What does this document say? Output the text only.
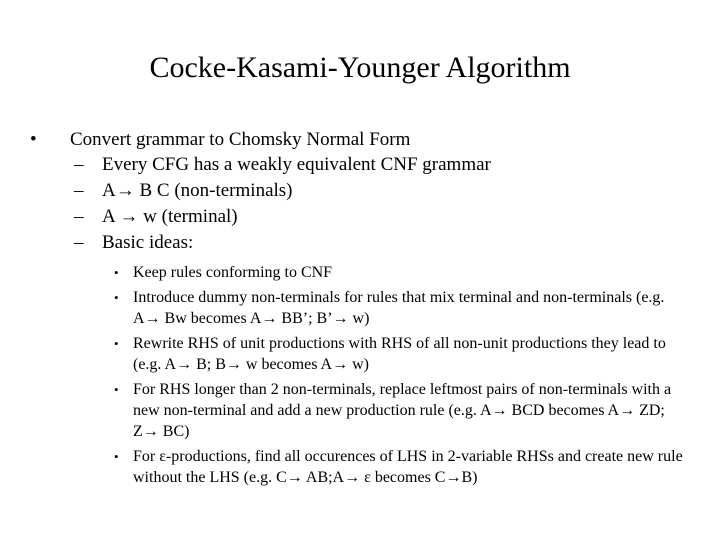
Cocke-Kasami-Younger Algorithm
• Convert grammar to Chomsky Normal Form
– Every CFG has a weakly equivalent CNF grammar
– A→ B C (non-terminals)
– A → w (terminal)
– Basic ideas:
• Keep rules conforming to CNF
• Introduce dummy non-terminals for rules that mix terminal and non-terminals (e.g. A→ Bw becomes A→ BB’; B’→ w)
• Rewrite RHS of unit productions with RHS of all non-unit productions they lead to (e.g. A→ B; B→ w becomes A→ w)
• For RHS longer than 2 non-terminals, replace leftmost pairs of non-terminals with a new non-terminal and add a new production rule (e.g. A→ BCD becomes A→ ZD; Z→ BC)
• For ε-productions, find all occurences of LHS in 2-variable RHSs and create new rule without the LHS (e.g. C→ AB;A→ ε becomes C→B)
